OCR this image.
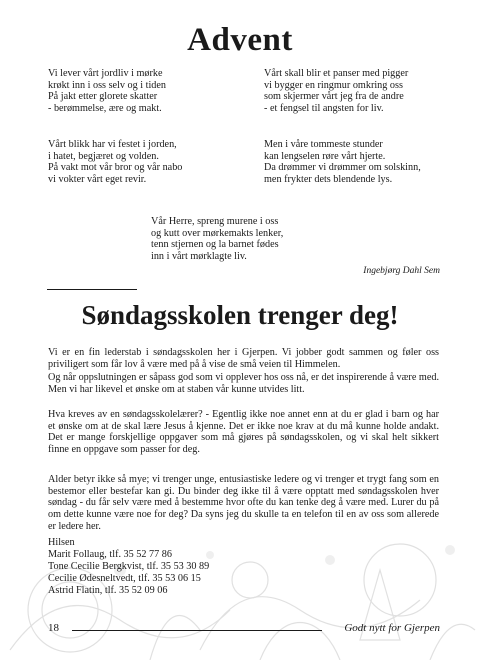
Advent

Vi lever vårt jordliv i mørke
krøkt inn i oss selv og i tiden
På jakt etter glorete skatter
- berømmelse, ære og makt.

Vårt skall blir et panser med pigger
vi bygger en ringmur omkring oss
som skjermer vårt jeg fra de andre
- et fengsel til angsten for liv.

Vårt blikk har vi festet i jorden,
i hatet, begjæret og volden.
På vakt mot vår bror og vår nabo
vi vokter vårt eget revir.

Men i våre tommeste stunder
kan lengselen røre vårt hjerte.
Da drømmer vi drømmer om solskinn,
men frykter dets blendende lys.

Vår Herre, spreng murene i oss
og kutt over mørkemakts lenker,
tenn stjernen og la barnet fødes
inn i vårt mørklagte liv.

Ingebjørg Dahl Sem

Søndagsskolen trenger deg!

Vi er en fin lederstab i søndagsskolen her i Gjerpen. Vi jobber godt sammen og føler oss priviligert som får lov å være med på å vise de små veien til Himmelen.

Og når oppslutningen er såpass god som vi opplever hos oss nå, er det inspirerende å være med. Men vi har likevel et ønske om at staben vår kunne utvides litt.

Hva kreves av en søndagsskolelærer? - Egentlig ikke noe annet enn at du er glad i barn og har et ønske om at de skal lære Jesus å kjenne. Det er ikke noe krav at du må kunne holde andakt. Det er mange forskjellige oppgaver som må gjøres på søndagsskolen, og vi skal helt sikkert finne en oppgave som passer for deg.

Alder betyr ikke så mye; vi trenger unge, entusiastiske ledere og vi trenger et trygt fang som en bestemor eller bestefar kan gi. Du binder deg ikke til å være opptatt med søndagsskolen hver søndag - du får selv være med å bestemme hvor ofte du kan tenke deg å være med. Lurer du på om dette kunne være noe for deg? Da syns jeg du skulle ta en telefon til en av oss som allerede er ledere her.

Hilsen
Marit Follaug, tlf. 35 52 77 86
Tone Cecilie Bergkvist, tlf. 35 53 30 89
Cecilie Ødesneltvedt, tlf. 35 53 06 15
Astrid Flatin, tlf. 35 52 09 06

18	Godt nytt for Gjerpen
